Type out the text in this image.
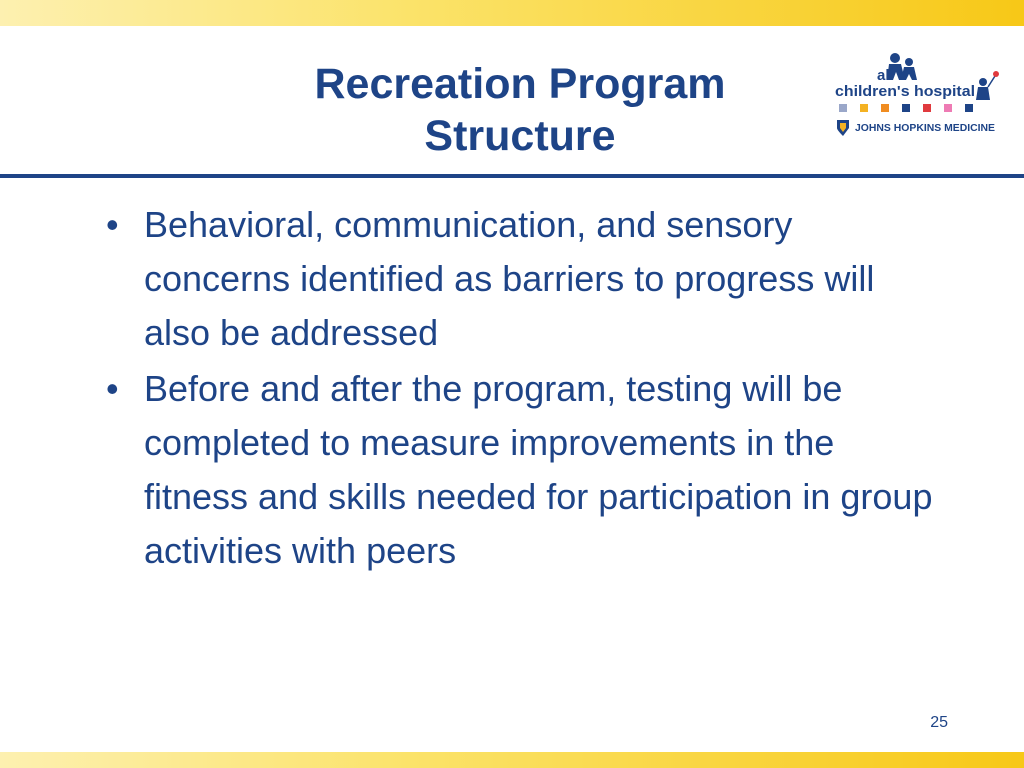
Recreation Program
Structure
all
children's hospital
JOHNS HOPKINS MEDICINE
• Behavioral, communication, and sensory concerns identified as barriers to progress will also be addressed
• Before and after the program, testing will be completed to measure improvements in the fitness and skills needed for participation in group activities with peers
25
